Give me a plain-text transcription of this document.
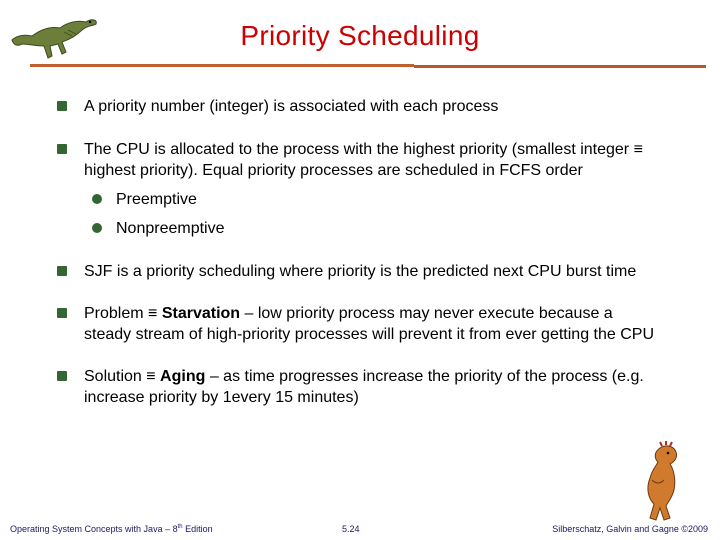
Priority Scheduling
A priority number (integer) is associated with each process
The CPU is allocated to the process with the highest priority (smallest integer ≡ highest priority). Equal priority processes are scheduled in FCFS order
Preemptive
Nonpreemptive
SJF is a priority scheduling where priority is the predicted next CPU burst time
Problem ≡ Starvation – low priority process may never execute because a steady stream of high-priority processes will prevent it from ever getting the CPU
Solution ≡ Aging – as time progresses increase the priority of the process (e.g. increase priority by 1every 15 minutes)
Operating System Concepts with Java – 8th Edition	5.24	Silberschatz, Galvin and Gagne ©2009
